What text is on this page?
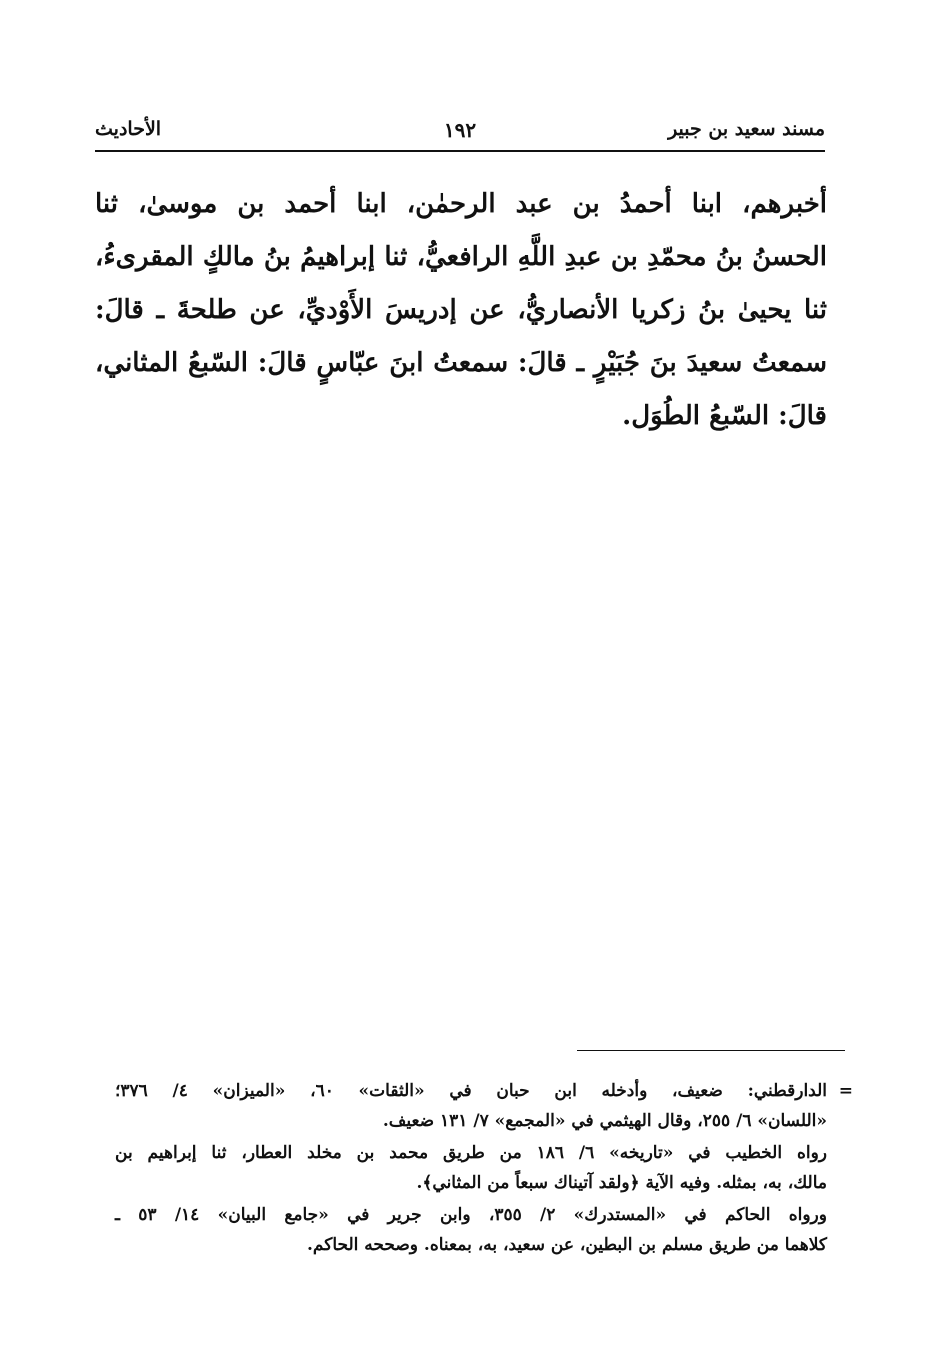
مسند سعيد بن جبير
١٩٢
الأحاديث
أخبرهم، ابنا أحمدُ بن عبد الرحمٰن، ابنا أحمد بن موسىٰ، ثنا
الحسنُ بنُ محمّدِ بن عبدِ اللَّهِ الرافعيُّ، ثنا إبراهيمُ بنُ مالكٍ المقرىءُ،
ثنا يحيىٰ بنُ زكريا الأنصاريُّ، عن إدريسَ الأَوْديِّ، عن طلحةَ ـ قالَ:
سمعتُ سعيدَ بنَ جُبَيْرٍ ـ قالَ: سمعتُ ابنَ عبّاسٍ قالَ: السّبعُ المثاني،
قالَ: السّبعُ الطُوَل.
=
الدارقطني: ضعيف، وأدخله ابن حبان في «الثقات» ٦٠، «الميزان» ٤/ ٣٧٦؛
«اللسان» ٦/ ٢٥٥، وقال الهيثمي في «المجمع» ٧/ ١٣١ ضعيف.
رواه الخطيب في «تاريخه» ٦/ ١٨٦ من طريق محمد بن مخلد العطار، ثنا إبراهيم بن
مالك، به، بمثله. وفيه الآية ﴿ولقد آتيناك سبعاً من المثاني﴾.
ورواه الحاكم في «المستدرك» ٢/ ٣٥٥، وابن جرير في «جامع البيان» ١٤/ ٥٣ ـ
كلاهما من طريق مسلم بن البطين، عن سعيد، به، بمعناه. وصححه الحاكم.
